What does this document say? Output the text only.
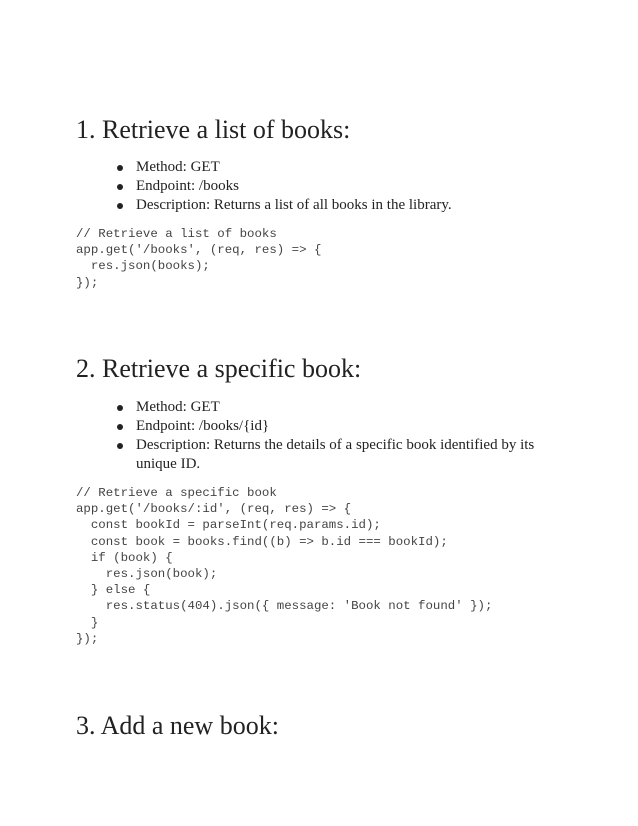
1. Retrieve a list of books:
Method: GET
Endpoint: /books
Description: Returns a list of all books in the library.
// Retrieve a list of books
app.get('/books', (req, res) => {
res.json(books);
});
2. Retrieve a specific book:
Method: GET
Endpoint: /books/{id}
Description: Returns the details of a specific book identified by its unique ID.
// Retrieve a specific book
app.get('/books/:id', (req, res) => {
const bookId = parseInt(req.params.id);
const book = books.find((b) => b.id === bookId);
if (book) {
res.json(book);
} else {
res.status(404).json({ message: 'Book not found' });
}
});
3. Add a new book:
